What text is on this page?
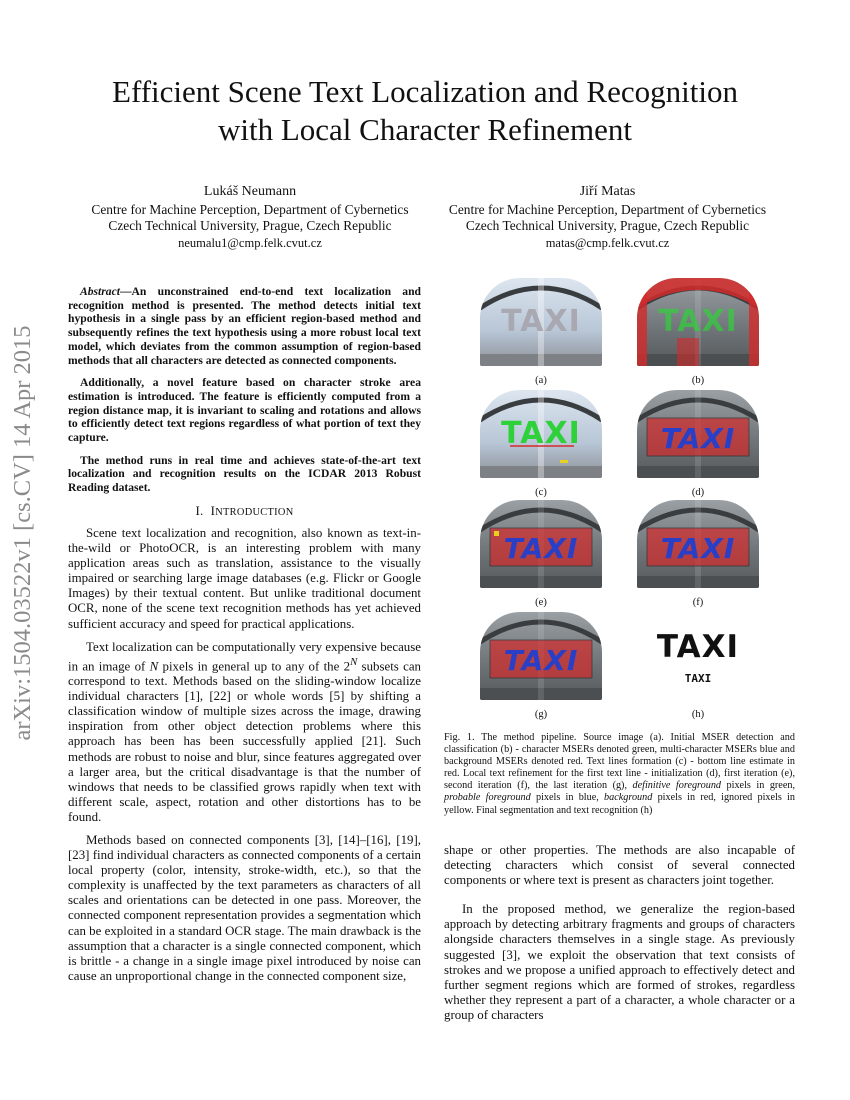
arXiv:1504.03522v1 [cs.CV] 14 Apr 2015
Efficient Scene Text Localization and Recognition
with Local Character Refinement
Lukáš Neumann
Centre for Machine Perception, Department of Cybernetics
Czech Technical University, Prague, Czech Republic
neumalu1@cmp.felk.cvut.cz
Jiří Matas
Centre for Machine Perception, Department of Cybernetics
Czech Technical University, Prague, Czech Republic
matas@cmp.felk.cvut.cz

Abstract—An unconstrained end-to-end text localization and recognition method is presented. The method detects initial text hypothesis in a single pass by an efficient region-based method and subsequently refines the text hypothesis using a more robust local text model, which deviates from the common assumption of region-based methods that all characters are detected as connected components.

Additionally, a novel feature based on character stroke area estimation is introduced. The feature is efficiently computed from a region distance map, it is invariant to scaling and rotations and allows to efficiently detect text regions regardless of what portion of text they capture.

The method runs in real time and achieves state-of-the-art text localization and recognition results on the ICDAR 2013 Robust Reading dataset.

I. INTRODUCTION

Scene text localization and recognition, also known as text-in-the-wild or PhotoOCR, is an interesting problem with many application areas such as translation, assistance to the visually impaired or searching large image databases (e.g. Flickr or Google Images) by their textual content. But unlike traditional document OCR, none of the scene text recognition methods has yet achieved sufficient accuracy and speed for practical applications.

Text localization can be computationally very expensive because in an image of N pixels in general up to any of the $2^N$ subsets can correspond to text. Methods based on the sliding-window localize individual characters [1], [22] or whole words [5] by shifting a classification window of multiple sizes across the image, drawing inspiration from other object detection problems where this approach has been has been successfully applied [21]. Such methods are robust to noise and blur, since features aggregated over a larger area, but the critical disadvantage is that the number of windows that needs to be classified grows rapidly when text with different scale, aspect, rotation and other distortions has to be found.

Methods based on connected components [3], [14]–[16], [19], [23] find individual characters as connected components of a certain local property (color, intensity, stroke-width, etc.), so that the complexity is unaffected by the text parameters as characters of all scales and orientations can be detected in one pass. Moreover, the connected component representation provides a segmentation which can be exploited in a standard OCR stage. The main drawback is the assumption that a character is a single connected component, which is brittle - a change in a single image pixel introduced by noise can cause an unproportional change in the connected component size,

TAXI	TAXI
(a)	(b)
TAXI	TAXI
(c)	(d)
TAXI	TAXI
(e)	(f)
TAXI
(g)
TAXI
TAXI
(h)
Fig. 1. The method pipeline. Source image (a). Initial MSER detection and classification (b) - character MSERs denoted green, multi-character MSERs blue and background MSERs denoted red. Text lines formation (c) - bottom line estimate in red. Local text refinement for the first text line - initialization (d), first iteration (e), second iteration (f), the last iteration (g), definitive foreground pixels in green, probable foreground pixels in blue, background pixels in red, ignored pixels in yellow. Final segmentation and text recognition (h)

shape or other properties. The methods are also incapable of detecting characters which consist of several connected components or where text is present as characters joint together.

In the proposed method, we generalize the region-based approach by detecting arbitrary fragments and groups of characters alongside characters themselves in a single stage. As previously suggested [3], we exploit the observation that text consists of strokes and we propose a unified approach to effectively detect and further segment regions which are formed of strokes, regardless whether they represent a part of a character, a whole character or a group of characters
